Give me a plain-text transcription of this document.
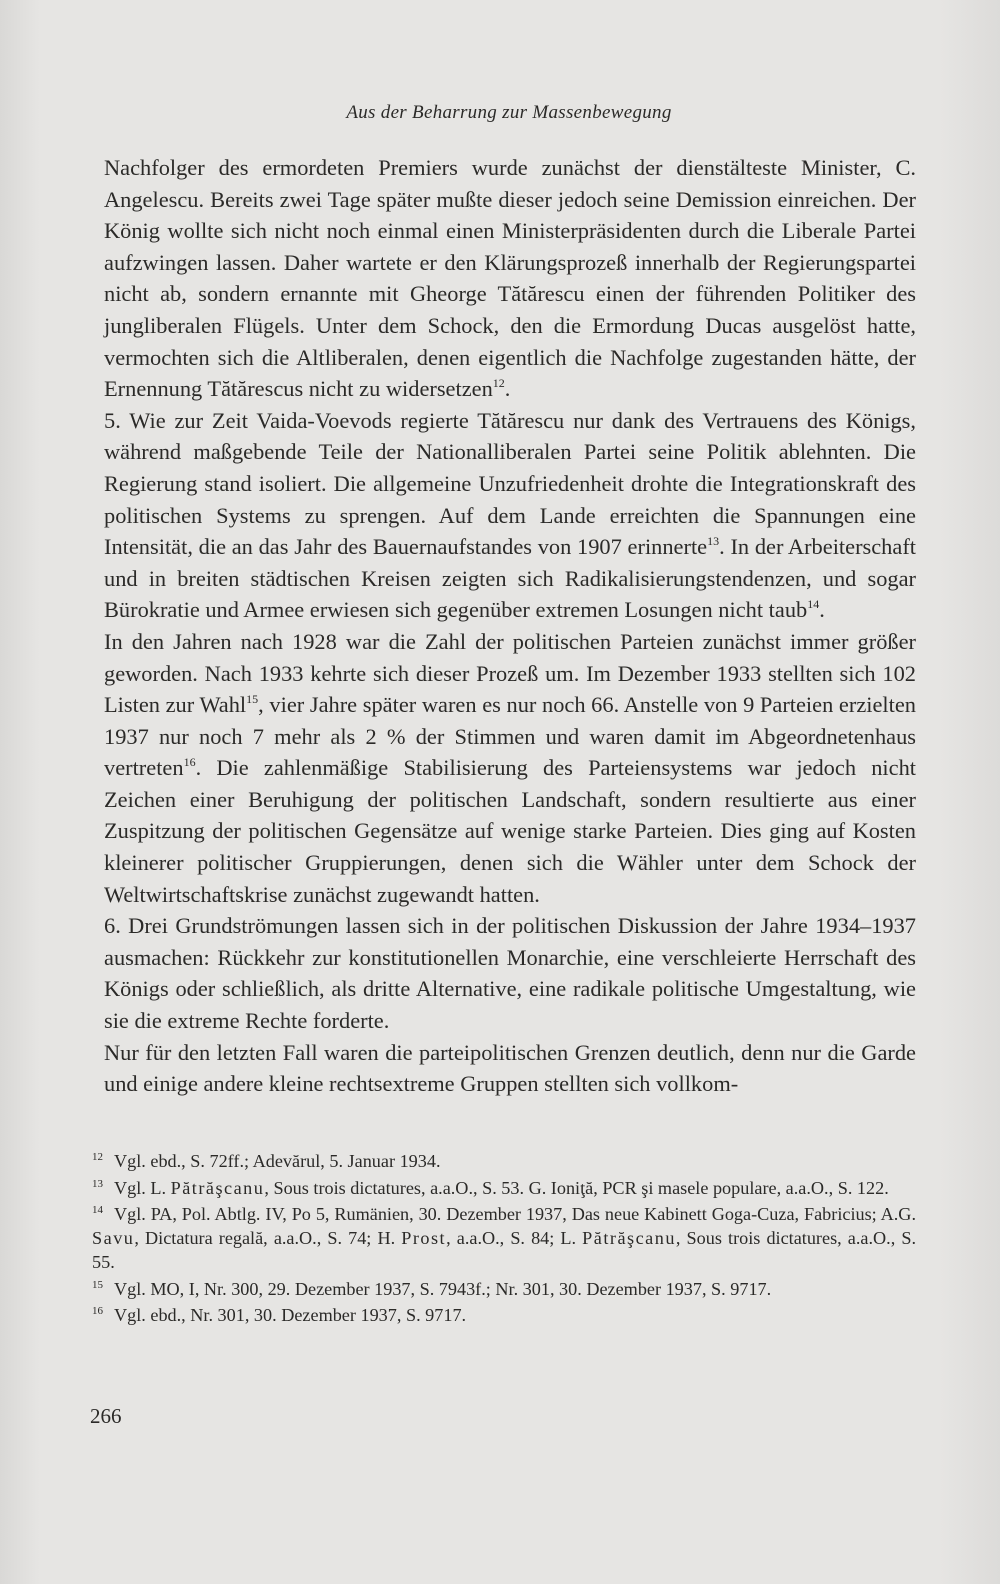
Aus der Beharrung zur Massenbewegung

Nachfolger des ermordeten Premiers wurde zunächst der dienstälteste Minister, C. Angelescu. Bereits zwei Tage später mußte dieser jedoch seine Demission einreichen. Der König wollte sich nicht noch einmal einen Ministerpräsidenten durch die Liberale Partei aufzwingen lassen. Daher wartete er den Klärungsprozeß innerhalb der Regierungspartei nicht ab, sondern ernannte mit Gheorge Tătărescu einen der führenden Politiker des jungliberalen Flügels. Unter dem Schock, den die Ermordung Ducas ausgelöst hatte, vermochten sich die Altliberalen, denen eigentlich die Nachfolge zugestanden hätte, der Ernennung Tătărescus nicht zu widersetzen$^{12}$.

5. Wie zur Zeit Vaida-Voevods regierte Tătărescu nur dank des Vertrauens des Königs, während maßgebende Teile der Nationalliberalen Partei seine Politik ablehnten. Die Regierung stand isoliert. Die allgemeine Unzufriedenheit drohte die Integrationskraft des politischen Systems zu sprengen. Auf dem Lande erreichten die Spannungen eine Intensität, die an das Jahr des Bauernaufstandes von 1907 erinnerte$^{13}$. In der Arbeiterschaft und in breiten städtischen Kreisen zeigten sich Radikalisierungstendenzen, und sogar Bürokratie und Armee erwiesen sich gegenüber extremen Losungen nicht taub$^{14}$.

In den Jahren nach 1928 war die Zahl der politischen Parteien zunächst immer größer geworden. Nach 1933 kehrte sich dieser Prozeß um. Im Dezember 1933 stellten sich 102 Listen zur Wahl$^{15}$, vier Jahre später waren es nur noch 66. Anstelle von 9 Parteien erzielten 1937 nur noch 7 mehr als 2 % der Stimmen und waren damit im Abgeordnetenhaus vertreten$^{16}$. Die zahlenmäßige Stabilisierung des Parteiensystems war jedoch nicht Zeichen einer Beruhigung der politischen Landschaft, sondern resultierte aus einer Zuspitzung der politischen Gegensätze auf wenige starke Parteien. Dies ging auf Kosten kleinerer politischer Gruppierungen, denen sich die Wähler unter dem Schock der Weltwirtschaftskrise zunächst zugewandt hatten.

6. Drei Grundströmungen lassen sich in der politischen Diskussion der Jahre 1934–1937 ausmachen: Rückkehr zur konstitutionellen Monarchie, eine verschleierte Herrschaft des Königs oder schließlich, als dritte Alternative, eine radikale politische Umgestaltung, wie sie die extreme Rechte forderte.

Nur für den letzten Fall waren die parteipolitischen Grenzen deutlich, denn nur die Garde und einige andere kleine rechtsextreme Gruppen stellten sich vollkom-

12 Vgl. ebd., S. 72ff.; Adevărul, 5. Januar 1934.

13 Vgl. L. Pătrăşcanu, Sous trois dictatures, a.a.O., S. 53. G. Ioniţă, PCR şi masele populare, a.a.O., S. 122.

14 Vgl. PA, Pol. Abtlg. IV, Po 5, Rumänien, 30. Dezember 1937, Das neue Kabinett Goga-Cuza, Fabricius; A.G. Savu, Dictatura regală, a.a.O., S. 74; H. Prost, a.a.O., S. 84; L. Pătrăşcanu, Sous trois dictatures, a.a.O., S. 55.

15 Vgl. MO, I, Nr. 300, 29. Dezember 1937, S. 7943f.; Nr. 301, 30. Dezember 1937, S. 9717.

16 Vgl. ebd., Nr. 301, 30. Dezember 1937, S. 9717.

266
